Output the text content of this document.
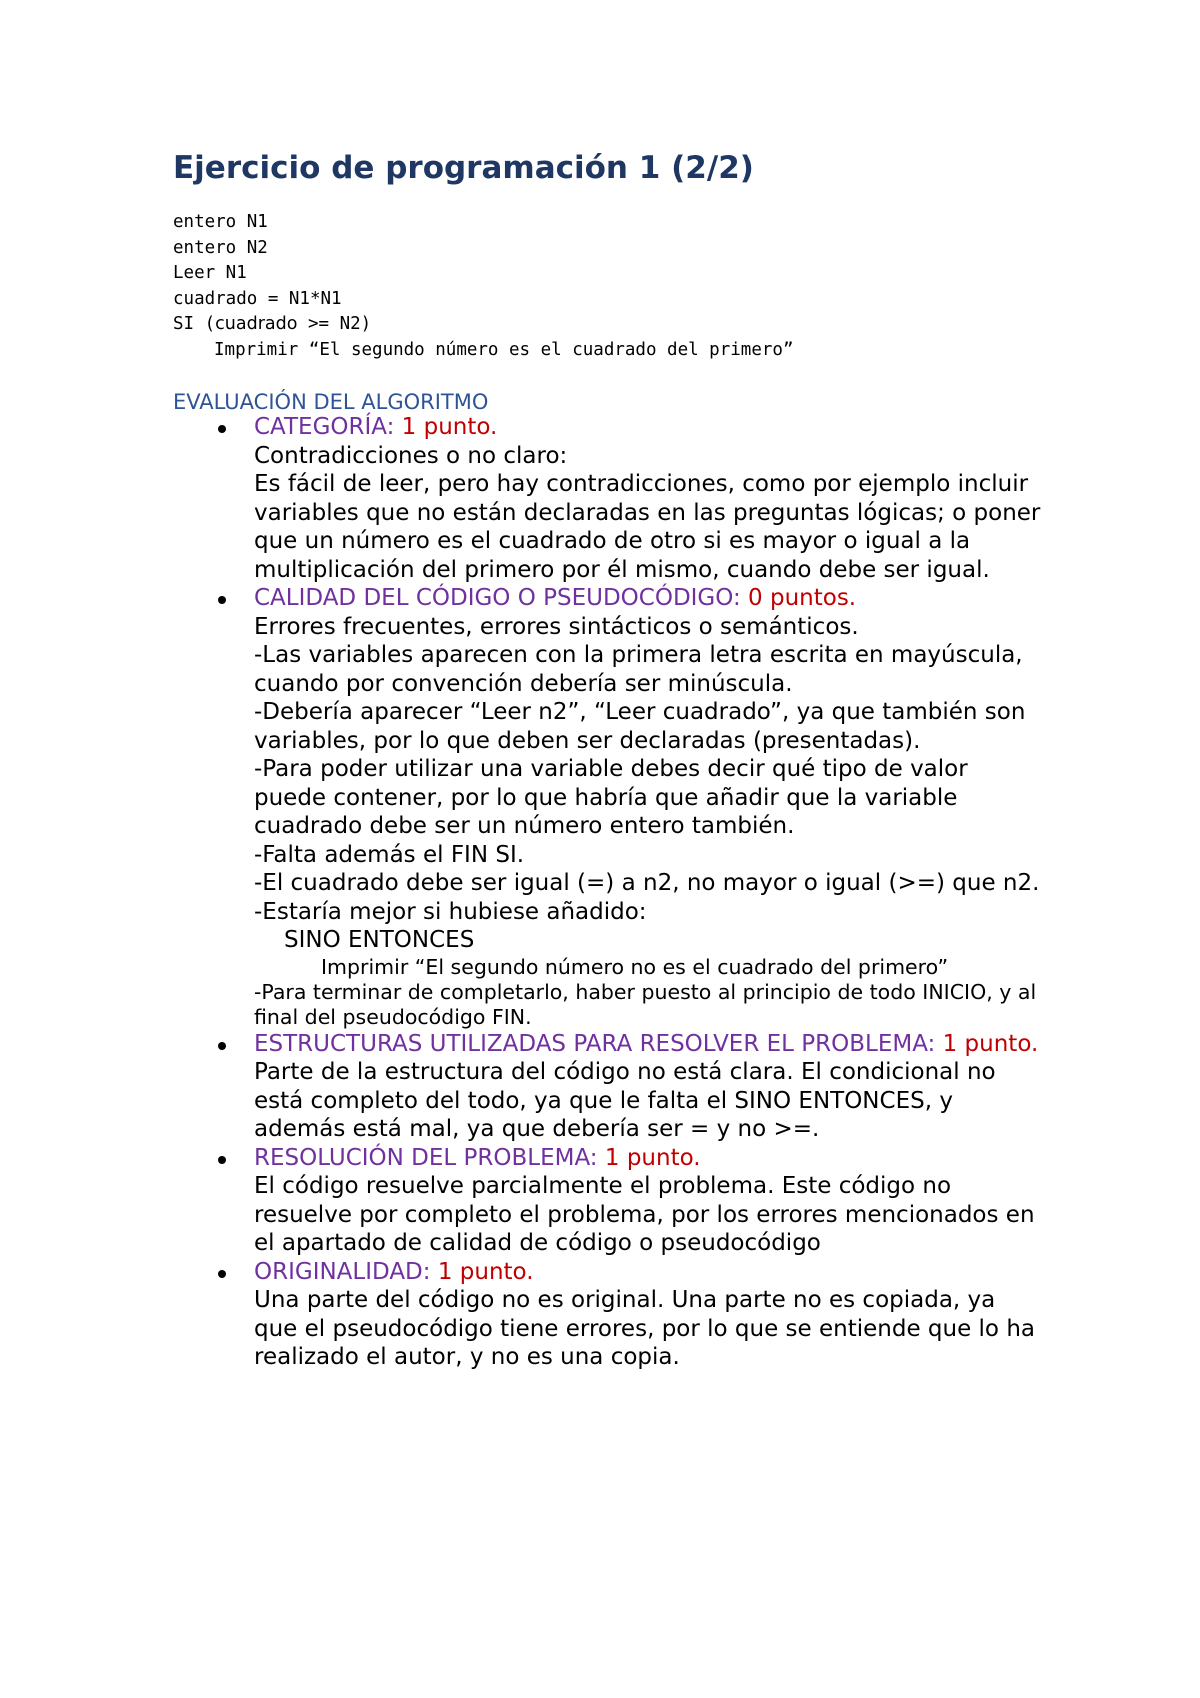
Ejercicio de programación 1 (2/2)
entero N1
entero N2
Leer N1
cuadrado = N1*N1
SI (cuadrado >= N2)
Imprimir “El segundo número es el cuadrado del primero”
EVALUACIÓN DEL ALGORITMO
CATEGORÍA: 1 punto.
Contradicciones o no claro:
Es fácil de leer, pero hay contradicciones, como por ejemplo incluir variables que no están declaradas en las preguntas lógicas; o poner que un número es el cuadrado de otro si es mayor o igual a la multiplicación del primero por él mismo, cuando debe ser igual.
CALIDAD DEL CÓDIGO O PSEUDOCÓDIGO: 0 puntos.
Errores frecuentes, errores sintácticos o semánticos.
-Las variables aparecen con la primera letra escrita en mayúscula, cuando por convención debería ser minúscula.
-Debería aparecer “Leer n2”, “Leer cuadrado”, ya que también son variables, por lo que deben ser declaradas (presentadas).
-Para poder utilizar una variable debes decir qué tipo de valor puede contener, por lo que habría que añadir que la variable cuadrado debe ser un número entero también.
-Falta además el FIN SI.
-El cuadrado debe ser igual (=) a n2, no mayor o igual (>=) que n2.
-Estaría mejor si hubiese añadido:
SINO ENTONCES
Imprimir “El segundo número no es el cuadrado del primero”
-Para terminar de completarlo, haber puesto al principio de todo INICIO, y al final del pseudocódigo FIN.
ESTRUCTURAS UTILIZADAS PARA RESOLVER EL PROBLEMA: 1 punto.
Parte de la estructura del código no está clara. El condicional no está completo del todo, ya que le falta el SINO ENTONCES, y además está mal, ya que debería ser = y no >=.
RESOLUCIÓN DEL PROBLEMA: 1 punto.
El código resuelve parcialmente el problema. Este código no resuelve por completo el problema, por los errores mencionados en el apartado de calidad de código o pseudocódigo
ORIGINALIDAD: 1 punto.
Una parte del código no es original. Una parte no es copiada, ya que el pseudocódigo tiene errores, por lo que se entiende que lo ha realizado el autor, y no es una copia.
